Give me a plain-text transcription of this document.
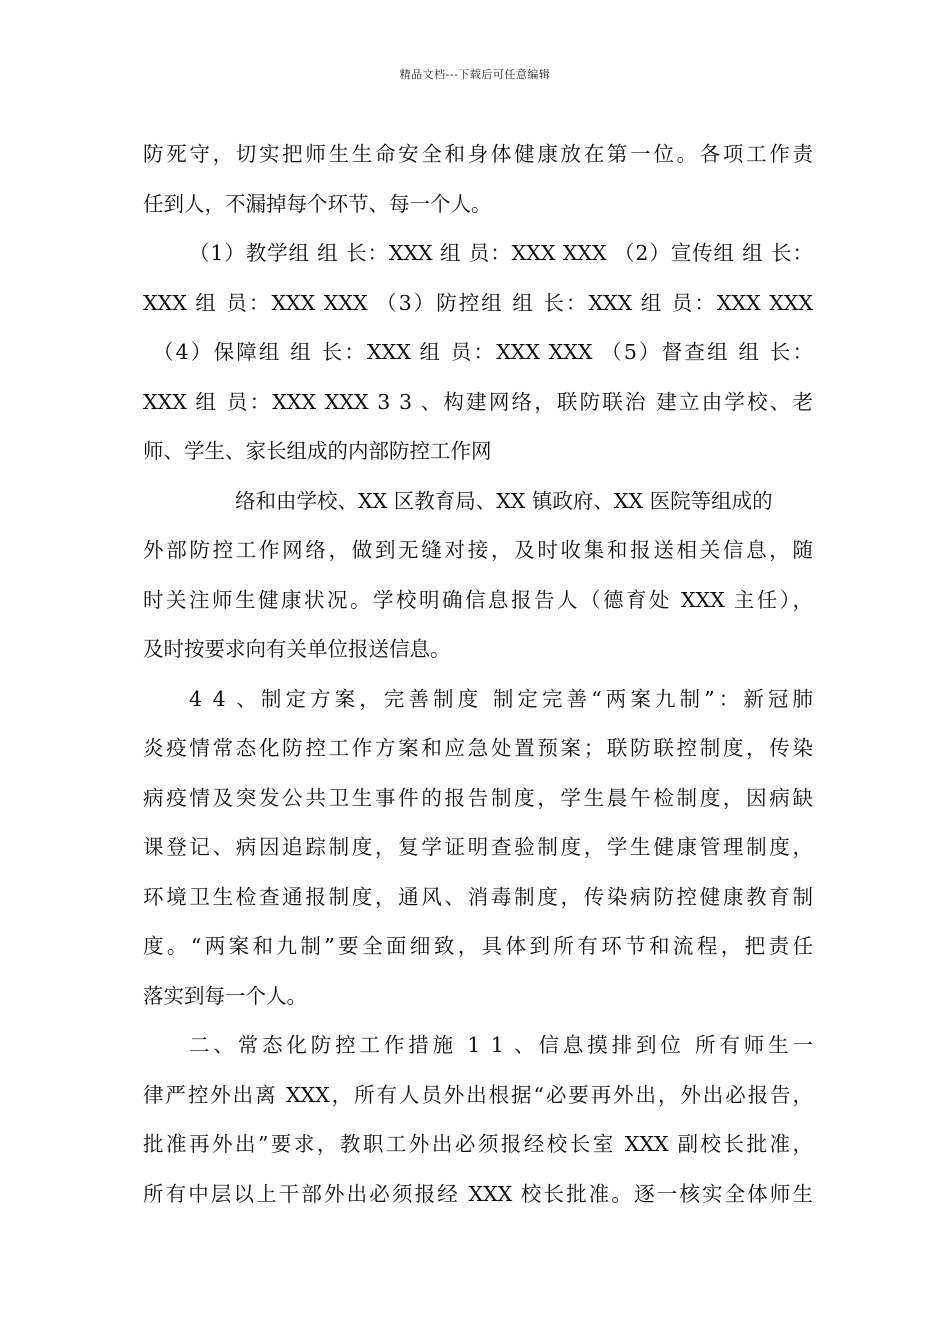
精品文档---下载后可任意编辑
防死守，切实把师生生命安全和身体健康放在第一位。各项工作责
任到人，不漏掉每个环节、每一个人。
（1）教学组 组 长：XXX 组 员：XXX XXX （2）宣传组 组 长：
XXX 组 员：XXX XXX （3）防控组 组 长：XXX 组 员：XXX XXX
（4）保障组 组 长：XXX 组 员：XXX XXX （5）督查组 组 长：
XXX 组 员：XXX XXX 3 3 、构建网络，联防联治 建立由学校、老
师、学生、家长组成的内部防控工作网
络和由学校、XX 区教育局、XX 镇政府、XX 医院等组成的
外部防控工作网络，做到无缝对接，及时收集和报送相关信息，随
时关注师生健康状况。学校明确信息报告人（德育处 XXX 主任），
及时按要求向有关单位报送信息。
4 4 、制定方案，完善制度 制定完善“两案九制”：新冠肺
炎疫情常态化防控工作方案和应急处置预案；联防联控制度，传染
病疫情及突发公共卫生事件的报告制度，学生晨午检制度，因病缺
课登记、病因追踪制度，复学证明查验制度，学生健康管理制度，
环境卫生检查通报制度，通风、消毒制度，传染病防控健康教育制
度。“两案和九制”要全面细致，具体到所有环节和流程，把责任
落实到每一个人。
二、常态化防控工作措施 1 1 、信息摸排到位 所有师生一
律严控外出离 XXX，所有人员外出根据“必要再外出，外出必报告，
批准再外出”要求，教职工外出必须报经校长室 XXX 副校长批准，
所有中层以上干部外出必须报经 XXX 校长批准。逐一核实全体师生
